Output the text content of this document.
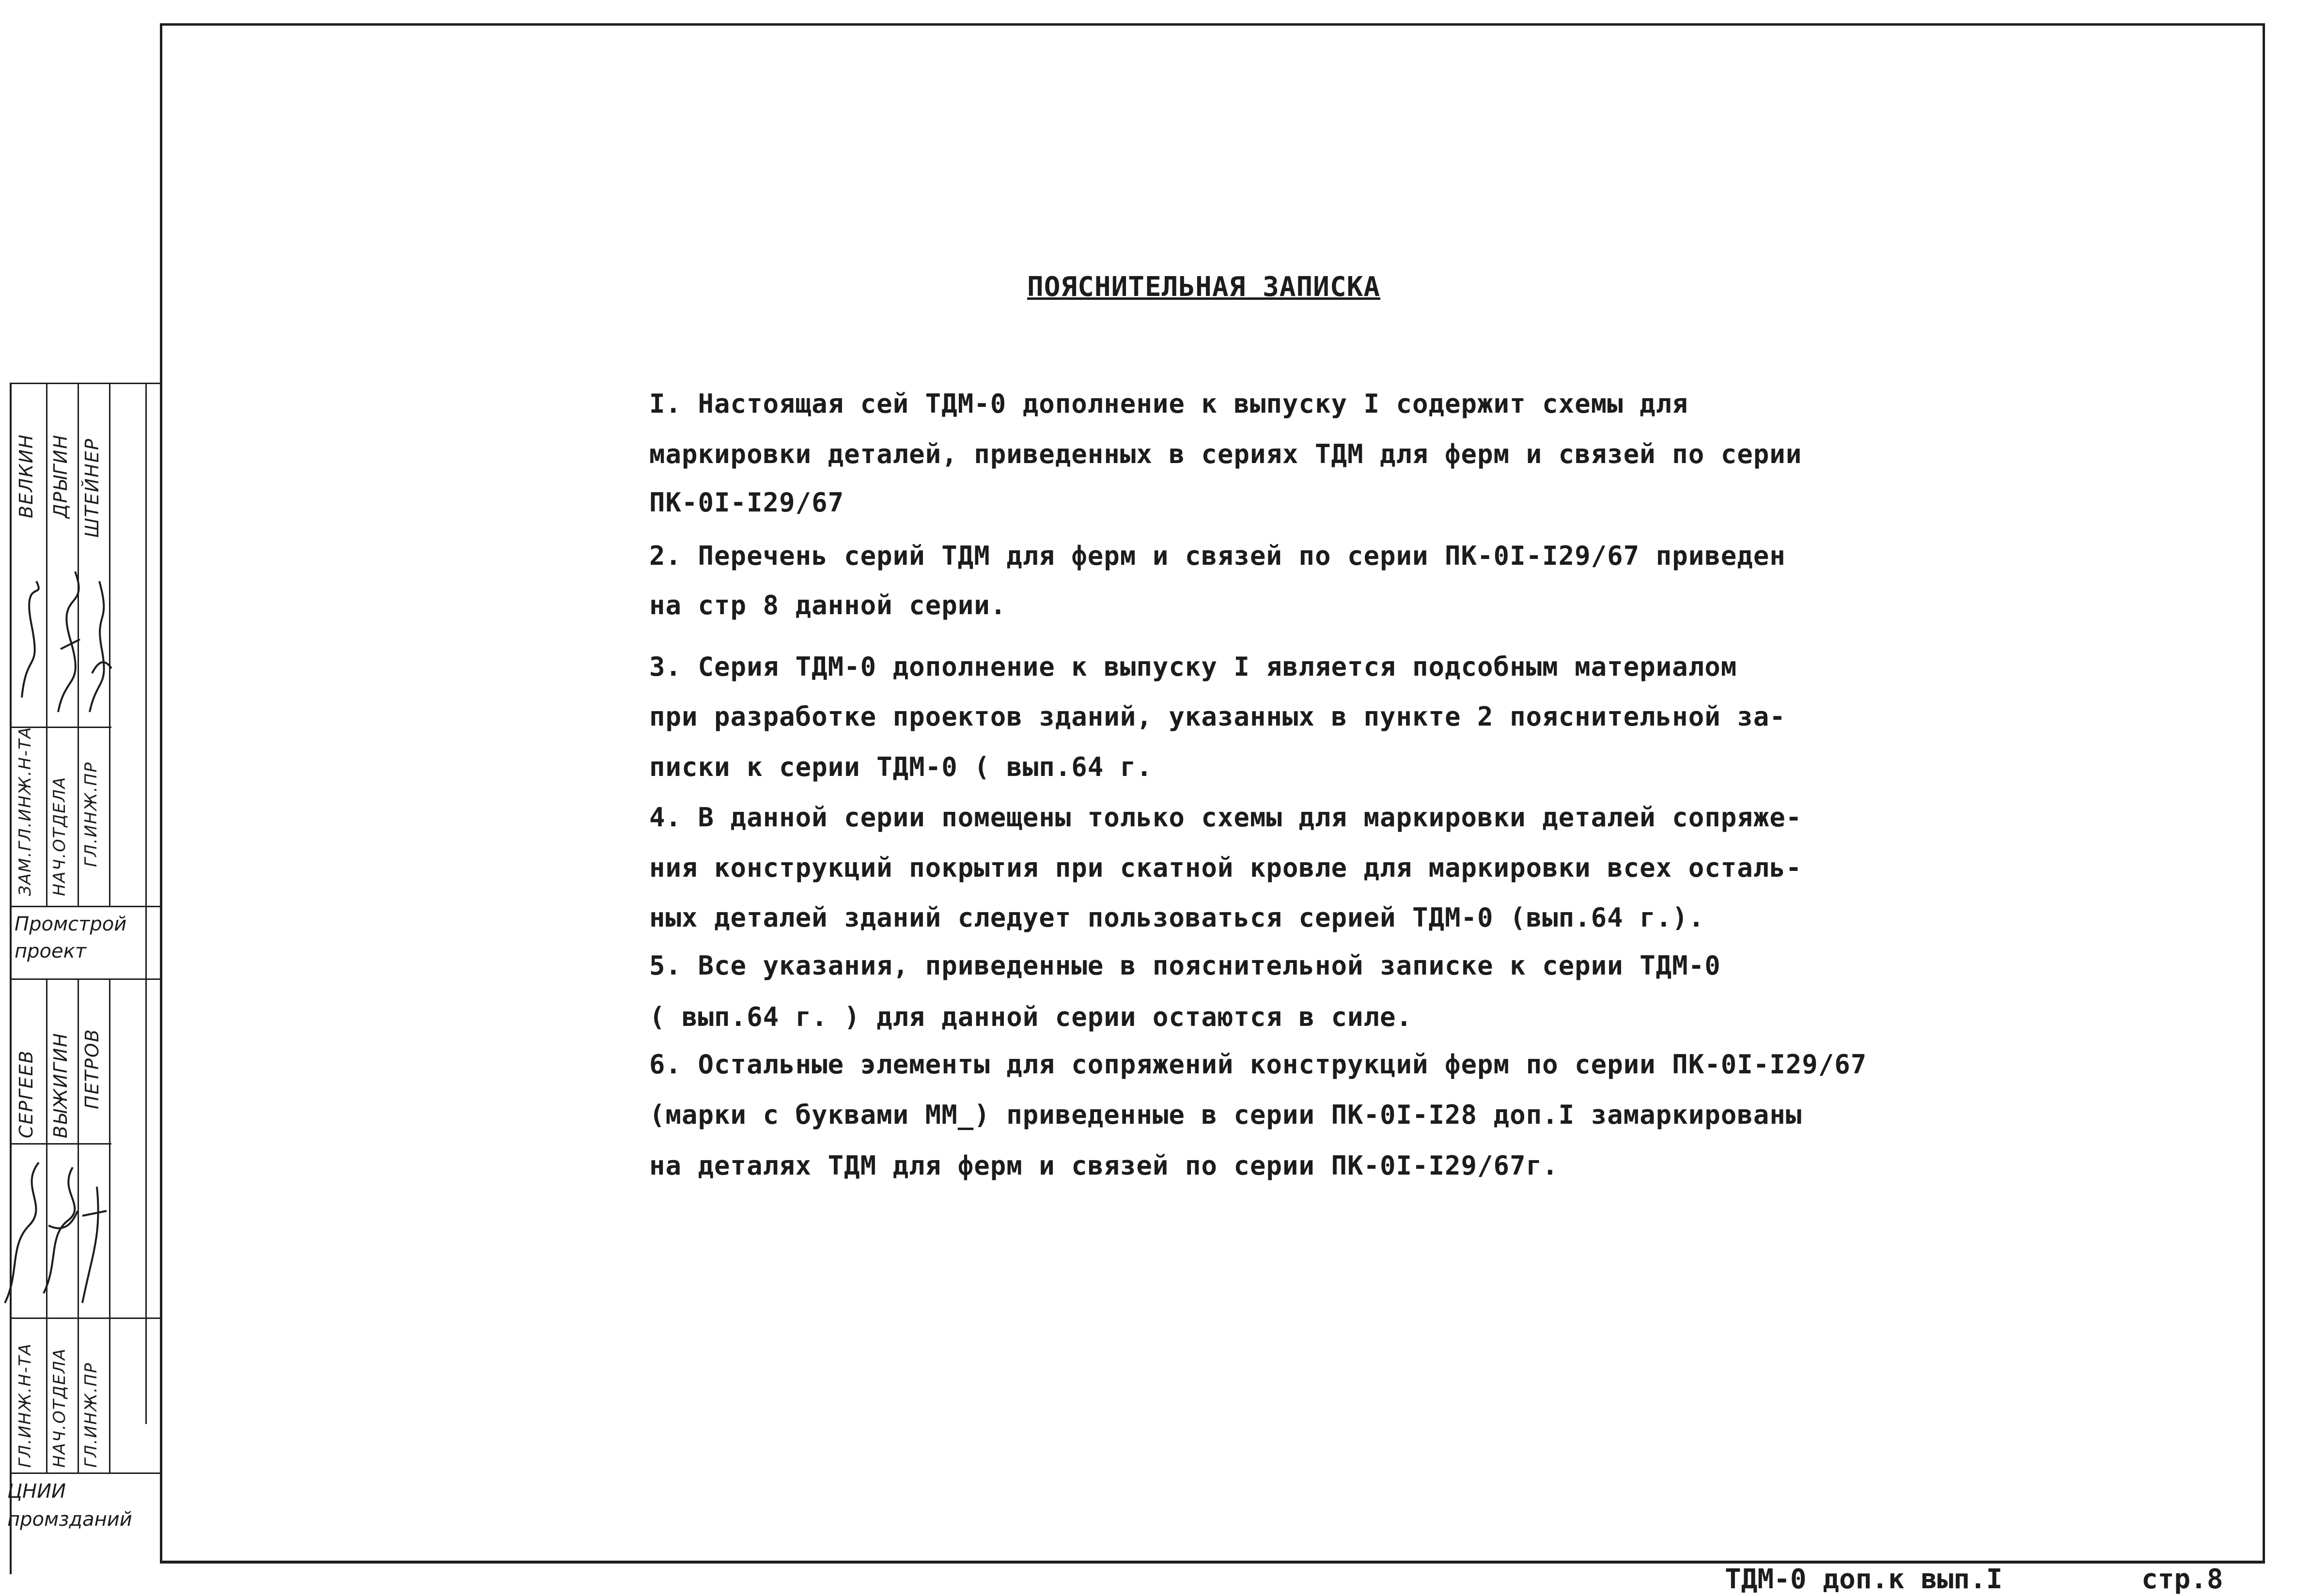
ВЕЛКИН ДРЫГИН ШТЕЙНЕР
ЗАМ.ГЛ.ИНЖ.Н-ТА НАЧ.ОТДЕЛА ГЛ.ИНЖ.ПР
Промстрой проект
СЕРГЕЕВ ВЫЖИГИН ПЕТРОВ
ГЛ.ИНЖ.Н-ТА НАЧ.ОТДЕЛА ГЛ.ИНЖ.ПР
ЦНИИ промзданий
ПОЯСНИТЕЛЬНАЯ ЗАПИСКА
I. Настоящая сей ТДМ-0 дополнение к выпуску I содержит схемы для
маркировки деталей, приведенных в сериях ТДМ для ферм и связей по серии
ПК-0I-I29/67
2. Перечень серий ТДМ для ферм и связей по серии ПК-0I-I29/67 приведен
на стр 8 данной серии.
3. Серия ТДМ-0 дополнение к выпуску I является подсобным материалом
при разработке проектов зданий, указанных в пункте 2 пояснительной за-
писки к серии ТДМ-0 ( вып.64 г.
4. В данной серии помещены только схемы для маркировки деталей сопряже-
ния конструкций покрытия при скатной кровле для маркировки всех осталь-
ных деталей зданий следует пользоваться серией ТДМ-0 (вып.64 г.).
5. Все указания, приведенные в пояснительной записке к серии ТДМ-0
( вып.64 г. ) для данной серии остаются в силе.
6. Остальные элементы для сопряжений конструкций ферм по серии ПК-0I-I29/67
(марки с буквами ММ_) приведенные в серии ПК-0I-I28 доп.I замаркированы
на деталях ТДМ для ферм и связей по серии ПК-0I-I29/67г.
ТДМ-0 доп.к вып.I	стр.8
